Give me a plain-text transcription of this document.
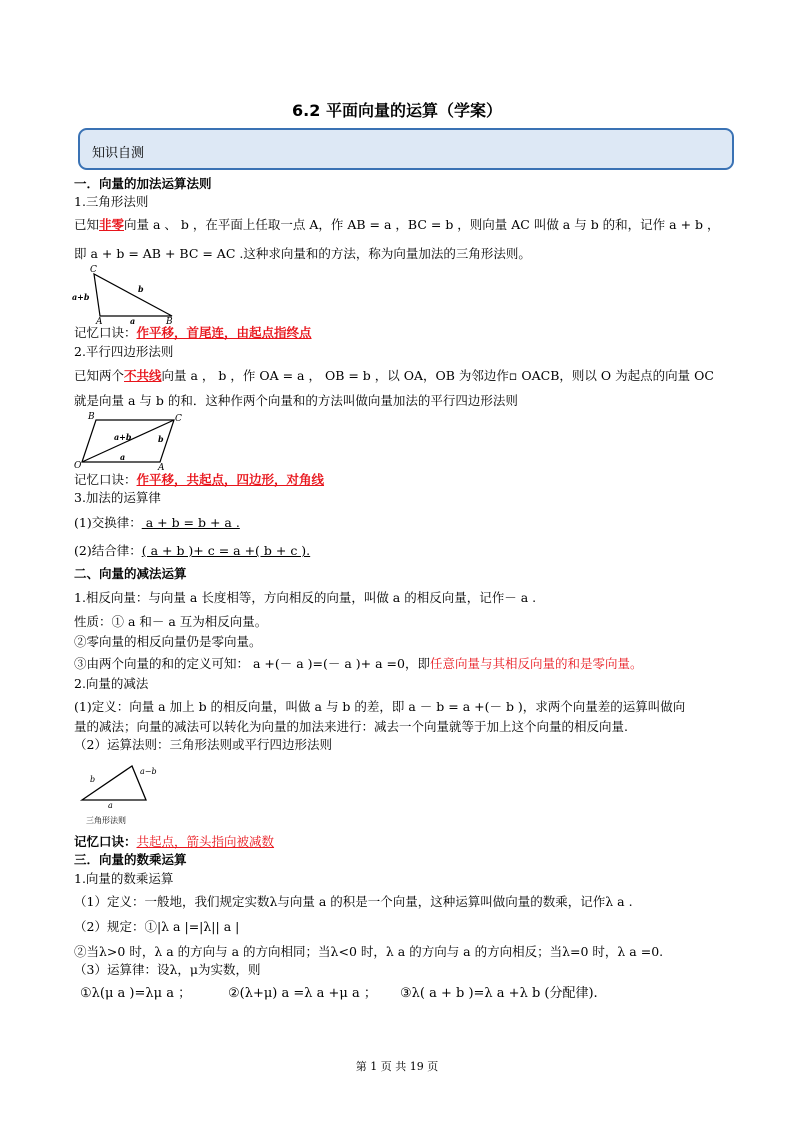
6.2 平面向量的运算（学案）
知识自测
一．向量的加法运算法则
1.三角形法则
已知非零向量 a 、 b ，在平面上任取一点 A，作 AB = a ，BC = b ，则向量 AC 叫做 a 与 b 的和，记作 a + b ，
即 a + b = AB + BC = AC .这种求向量和的方法，称为向量加法的三角形法则。
C
A	B
a+b
b
a
记忆口诀：作平移，首尾连，由起点指终点
2.平行四边形法则
已知两个不共线向量 a ， b ，作 OA = a ， OB = b ，以 OA，OB 为邻边作▫ OACB，则以 O 为起点的向量 OC
就是向量 a 与 b 的和．这种作两个向量和的方法叫做向量加法的平行四边形法则
B	C
O	A
a+b	b
a
记忆口诀：作平移，共起点，四边形，对角线
3.加法的运算律
(1)交换律： a + b = b + a .
(2)结合律：( a + b )+ c = a +( b + c ).
二、向量的减法运算
1.相反向量：与向量 a 长度相等，方向相反的向量，叫做 a 的相反向量，记作－ a .
性质：① a 和－ a 互为相反向量。
②零向量的相反向量仍是零向量。
③由两个向量的和的定义可知： a +(－ a )=(－ a )+ a =0，即任意向量与其相反向量的和是零向量。
2.向量的减法
(1)定义：向量 a 加上 b 的相反向量，叫做 a 与 b 的差，即 a － b = a +(－ b )，求两个向量差的运算叫做向
量的减法；向量的减法可以转化为向量的加法来进行：减去一个向量就等于加上这个向量的相反向量.
（2）运算法则：三角形法则或平行四边形法则
b
a−b
a
三角形法则
记忆口诀：共起点，箭头指向被减数
三．向量的数乘运算
1.向量的数乘运算
（1）定义：一般地，我们规定实数λ与向量 a 的积是一个向量，这种运算叫做向量的数乘，记作λ a .
（2）规定：①|λ a |=|λ|| a |
②当λ>0 时，λ a 的方向与 a 的方向相同；当λ<0 时，λ a 的方向与 a 的方向相反；当λ=0 时，λ a =0.
（3）运算律：设λ，μ为实数，则
①λ(μ a )=λμ a ；	②(λ+μ) a =λ a +μ a ； ③λ( a + b )=λ a +λ b (分配律).
第 1 页 共 19 页
